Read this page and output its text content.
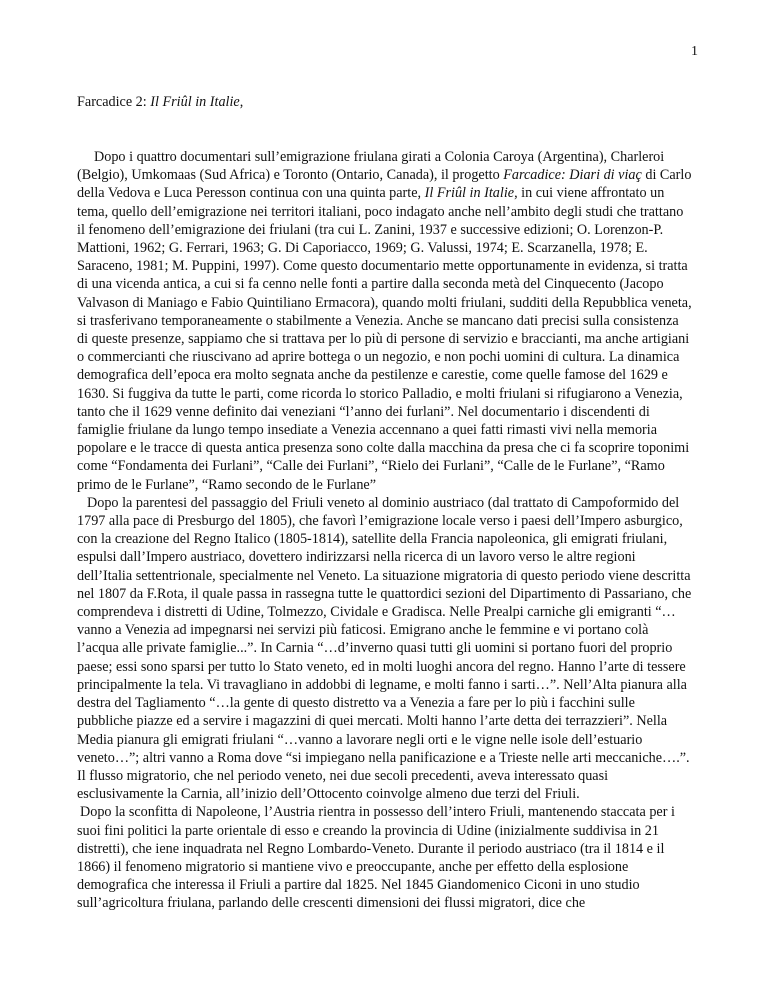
1

Farcadice 2: Il Friûl in Italie,

Dopo i quattro documentari sull’emigrazione friulana girati a Colonia Caroya (Argentina), Charleroi (Belgio), Umkomaas (Sud Africa) e Toronto (Ontario, Canada), il progetto Farcadice: Diari di viaç di Carlo della Vedova e Luca Peresson continua con una quinta parte, Il Friûl in Italie, in cui viene affrontato un tema, quello dell’emigrazione nei territori italiani, poco indagato anche nell’ambito degli studi che trattano il fenomeno dell’emigrazione dei friulani (tra cui L. Zanini, 1937 e successive edizioni; O. Lorenzon-P. Mattioni, 1962; G. Ferrari, 1963; G. Di Caporiacco, 1969; G. Valussi, 1974; E. Scarzanella, 1978; E. Saraceno, 1981; M. Puppini, 1997). Come questo documentario mette opportunamente in evidenza, si tratta di una vicenda antica, a cui si fa cenno nelle fonti a partire dalla seconda metà del Cinquecento (Jacopo Valvason di Maniago e Fabio Quintiliano Ermacora), quando molti friulani, sudditi della Repubblica veneta, si trasferivano temporaneamente o stabilmente a Venezia. Anche se mancano dati precisi sulla consistenza di queste presenze, sappiamo che si trattava per lo più di persone di servizio e braccianti, ma anche artigiani o commercianti che riuscivano ad aprire bottega o un negozio, e non pochi uomini di cultura. La dinamica demografica dell’epoca era molto segnata anche da pestilenze e carestie, come quelle famose del 1629 e 1630. Si fuggiva da tutte le parti, come ricorda lo storico Palladio, e molti friulani si rifugiarono a Venezia, tanto che il 1629 venne definito dai veneziani “l’anno dei furlani”. Nel documentario i discendenti di famiglie friulane da lungo tempo insediate a Venezia accennano a quei fatti rimasti vivi nella memoria popolare e le tracce di questa antica presenza sono colte dalla macchina da presa che ci fa scoprire toponimi come “Fondamenta dei Furlani”, “Calle dei Furlani”, “Rielo dei Furlani”, “Calle de le Furlane”, “Ramo primo de le Furlane”, “Ramo secondo de le Furlane”

Dopo la parentesi del passaggio del Friuli veneto al dominio austriaco (dal trattato di Campoformido del 1797 alla pace di Presburgo del 1805), che favorì l’emigrazione locale verso i paesi dell’Impero asburgico, con la creazione del Regno Italico (1805-1814), satellite della Francia napoleonica, gli emigrati friulani, espulsi dall’Impero austriaco, dovettero indirizzarsi nella ricerca di un lavoro verso le altre regioni dell’Italia settentrionale, specialmente nel Veneto. La situazione migratoria di questo periodo viene descritta nel 1807 da F.Rota, il quale passa in rassegna tutte le quattordici sezioni del Dipartimento di Passariano, che comprendeva i distretti di Udine, Tolmezzo, Cividale e Gradisca. Nelle Prealpi carniche gli emigranti “…vanno a Venezia ad impegnarsi nei servizi più faticosi. Emigrano anche le femmine e vi portano colà l’acqua alle private famiglie...”. In Carnia “…d’inverno quasi tutti gli uomini si portano fuori del proprio paese; essi sono sparsi per tutto lo Stato veneto, ed in molti luoghi ancora del regno. Hanno l’arte di tessere principalmente la tela. Vi travagliano in addobbi di legname, e molti fanno i sarti…”. Nell’Alta pianura alla destra del Tagliamento “…la gente di questo distretto va a Venezia a fare per lo più i facchini sulle pubbliche piazze ed a servire i magazzini di quei mercati. Molti hanno l’arte detta dei terrazzieri”. Nella Media pianura gli emigrati friulani “…vanno a lavorare negli orti e le vigne nelle isole dell’estuario veneto…”; altri vanno a Roma dove “si impiegano nella panificazione e a Trieste nelle arti meccaniche….”. Il flusso migratorio, che nel periodo veneto, nei due secoli precedenti, aveva interessato quasi esclusivamente la Carnia, all’inizio dell’Ottocento coinvolge almeno due terzi del Friuli.

Dopo la sconfitta di Napoleone, l’Austria rientra in possesso dell’intero Friuli, mantenendo staccata per i suoi fini politici la parte orientale di esso e creando la provincia di Udine (inizialmente suddivisa in 21 distretti), che iene inquadrata nel Regno Lombardo-Veneto. Durante il periodo austriaco (tra il 1814 e il 1866) il fenomeno migratorio si mantiene vivo e preoccupante, anche per effetto della esplosione demografica che interessa il Friuli a partire dal 1825. Nel 1845 Giandomenico Ciconi in uno studio sull’agricoltura friulana, parlando delle crescenti dimensioni dei flussi migratori, dice che
